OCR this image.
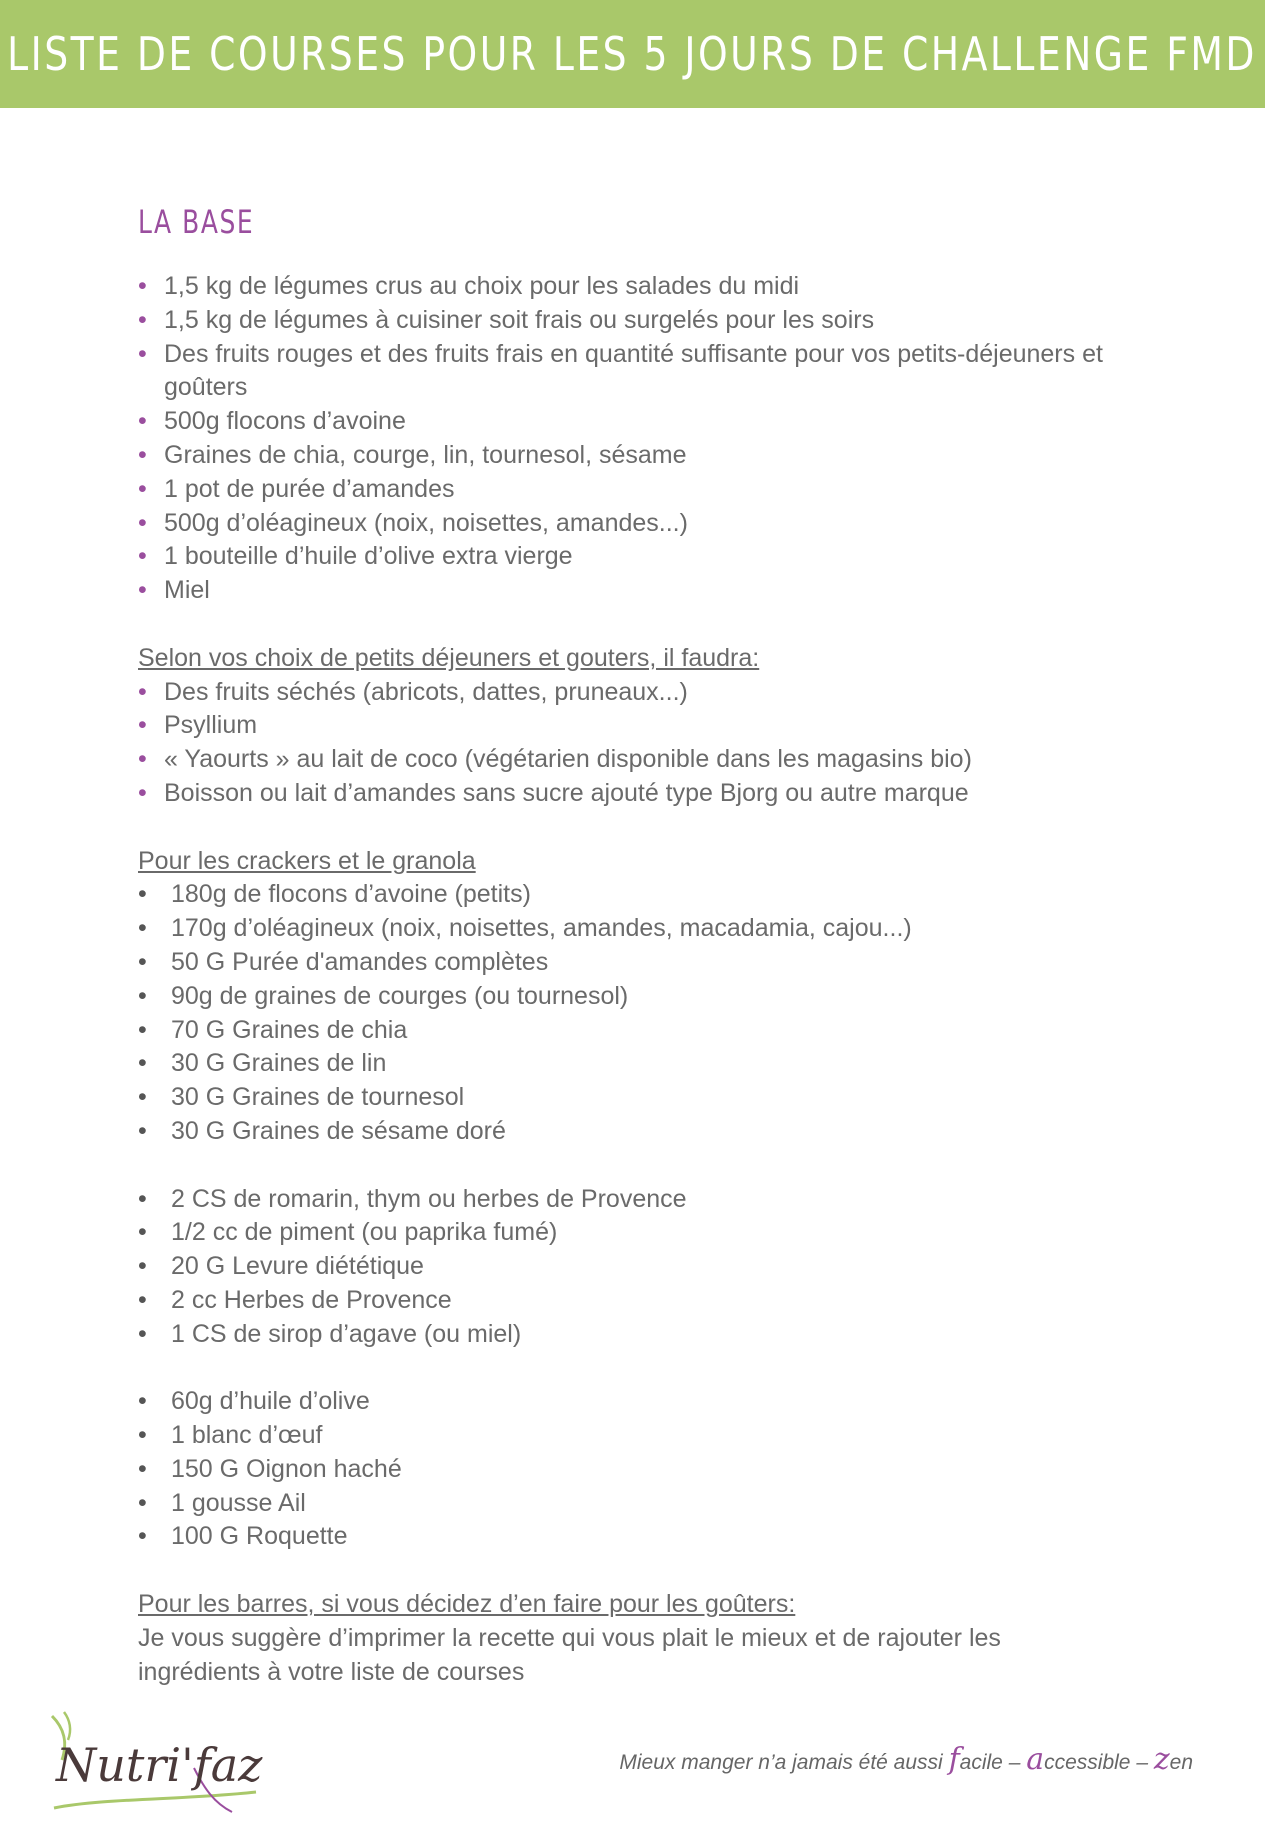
LISTE DE COURSES POUR LES 5 JOURS DE CHALLENGE FMD
LA BASE
• 1,5 kg de légumes crus au choix pour les salades du midi
• 1,5 kg de légumes à cuisiner soit frais ou surgelés pour les soirs
• Des fruits rouges et des fruits frais en quantité suffisante pour vos petits-déjeuners et goûters
• 500g flocons d’avoine
• Graines de chia, courge, lin, tournesol, sésame
• 1 pot de purée d’amandes
• 500g d’oléagineux (noix, noisettes, amandes...)
• 1 bouteille d’huile d’olive extra vierge
• Miel
Selon vos choix de petits déjeuners et gouters, il faudra:
• Des fruits séchés (abricots, dattes, pruneaux...)
• Psyllium
• « Yaourts » au lait de coco (végétarien disponible dans les magasins bio)
• Boisson ou lait d’amandes sans sucre ajouté type Bjorg ou autre marque
Pour les crackers et le granola
• 180g de flocons d’avoine (petits)
• 170g d’oléagineux (noix, noisettes, amandes, macadamia, cajou...)
• 50 G Purée d'amandes complètes
• 90g de graines de courges (ou tournesol)
• 70 G Graines de chia
• 30 G Graines de lin
• 30 G Graines de tournesol
• 30 G Graines de sésame doré
• 2 CS de romarin, thym ou herbes de Provence
• 1/2 cc de piment (ou paprika fumé)
• 20 G Levure diététique
• 2 cc Herbes de Provence
• 1 CS de sirop d’agave (ou miel)
• 60g d’huile d’olive
• 1 blanc d’œuf
• 150 G Oignon haché
• 1 gousse Ail
• 100 G Roquette
Pour les barres, si vous décidez d’en faire pour les goûters:
Je vous suggère d’imprimer la recette qui vous plait le mieux et de rajouter les ingrédients à votre liste de courses
Nutri'faz	Mieux manger n’a jamais été aussi facile – accessible – zen
